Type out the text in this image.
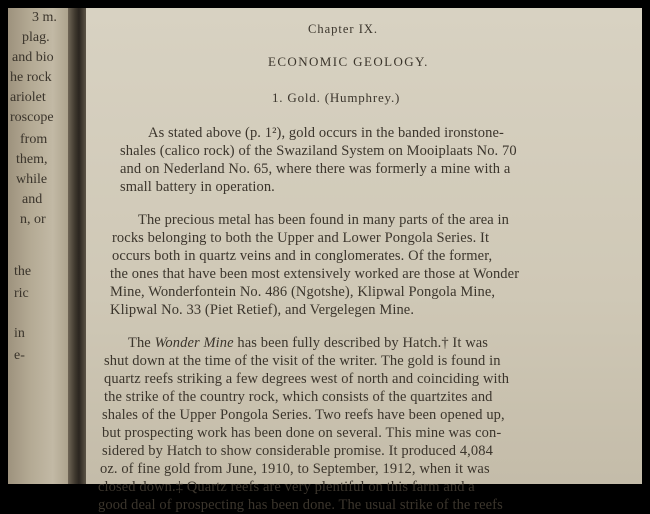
3 m.
plag.
and bio
he rock
ariolet
roscope
from
them,
while
and
n, or
the
ric
in
e-
Chapter IX.
ECONOMIC GEOLOGY.
1. Gold. (Humphrey.)
As stated above (p. 1²), gold occurs in the banded ironstone-
shales (calico rock) of the Swaziland System on Mooiplaats No. 70
and on Nederland No. 65, where there was formerly a mine with a
small battery in operation.
The precious metal has been found in many parts of the area in
rocks belonging to both the Upper and Lower Pongola Series. It
occurs both in quartz veins and in conglomerates. Of the former,
the ones that have been most extensively worked are those at Wonder
Mine, Wonderfontein No. 486 (Ngotshe), Klipwal Pongola Mine,
Klipwal No. 33 (Piet Retief), and Vergelegen Mine.
The Wonder Mine has been fully described by Hatch.† It was
shut down at the time of the visit of the writer. The gold is found in
quartz reefs striking a few degrees west of north and coinciding with
the strike of the country rock, which consists of the quartzites and
shales of the Upper Pongola Series. Two reefs have been opened up,
but prospecting work has been done on several. This mine was con-
sidered by Hatch to show considerable promise. It produced 4,084
oz. of fine gold from June, 1910, to September, 1912, when it was
closed down.‡ Quartz reefs are very plentiful on this farm and a
good deal of prospecting has been done. The usual strike of the reefs
